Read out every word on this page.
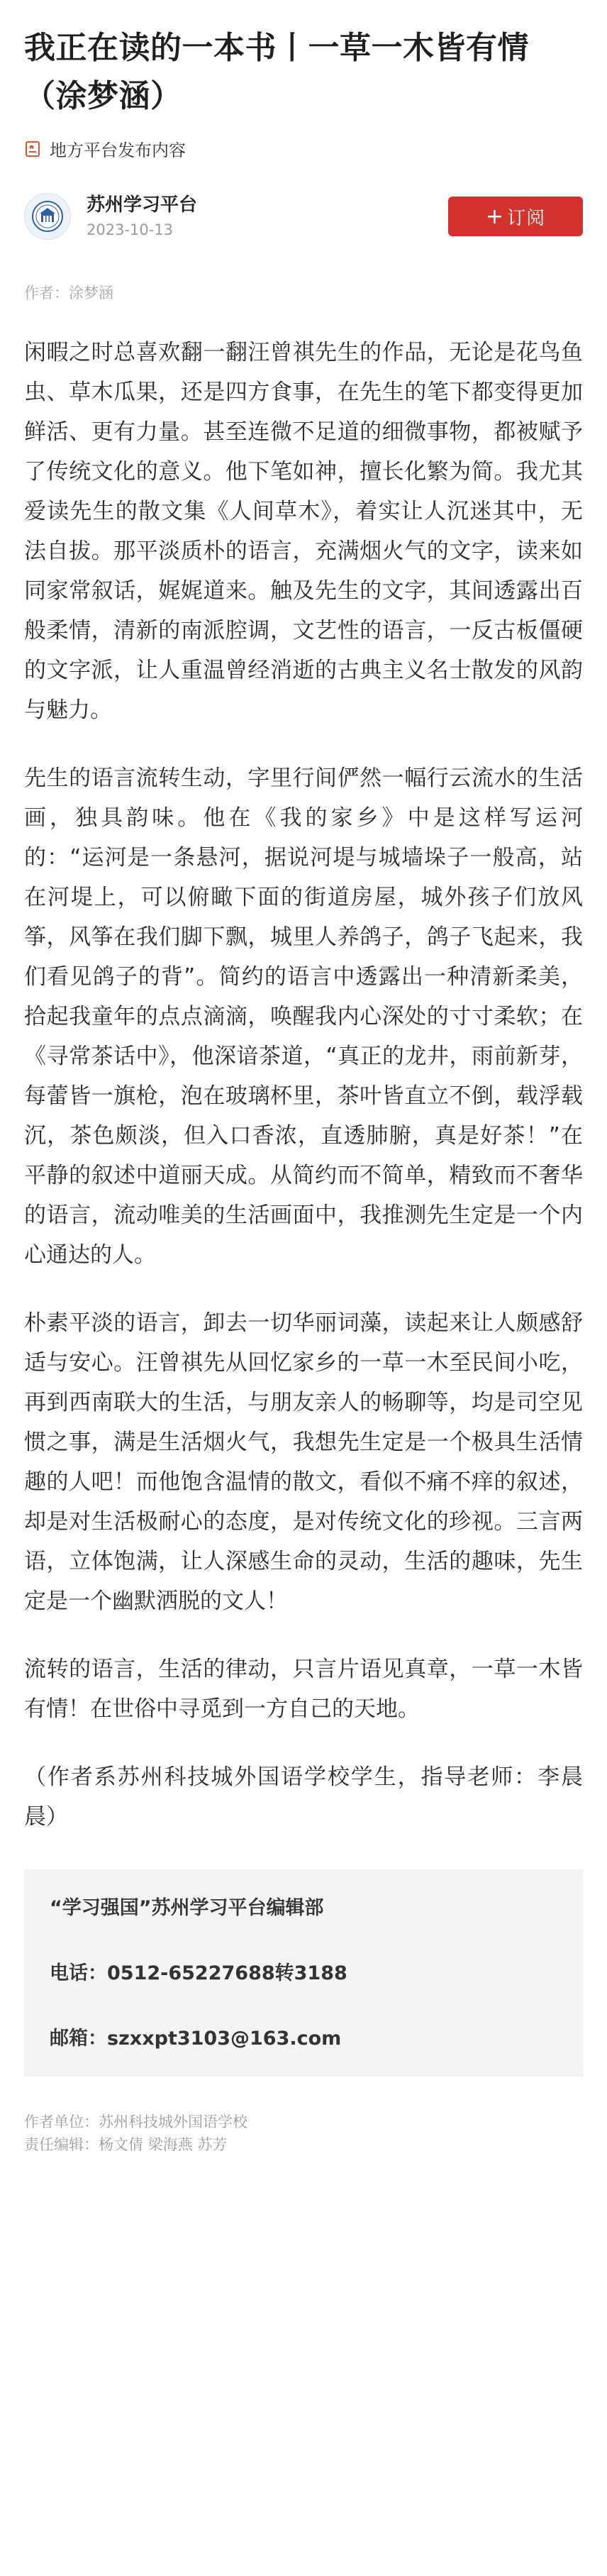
我正在读的一本书丨一草一木皆有情（涂梦涵）
地方平台发布内容
苏州学习平台
2023-10-13
+ 订阅
作者：涂梦涵

闲暇之时总喜欢翻一翻汪曾祺先生的作品，无论是花鸟鱼虫、草木瓜果，还是四方食事，在先生的笔下都变得更加鲜活、更有力量。甚至连微不足道的细微事物，都被赋予了传统文化的意义。他下笔如神，擅长化繁为简。我尤其爱读先生的散文集《人间草木》，着实让人沉迷其中，无法自拔。那平淡质朴的语言，充满烟火气的文字，读来如同家常叙话，娓娓道来。触及先生的文字，其间透露出百般柔情，清新的南派腔调，文艺性的语言，一反古板僵硬的文字派，让人重温曾经消逝的古典主义名士散发的风韵与魅力。

先生的语言流转生动，字里行间俨然一幅行云流水的生活画，独具韵味。他在《我的家乡》中是这样写运河的：“运河是一条悬河，据说河堤与城墙垛子一般高，站在河堤上，可以俯瞰下面的街道房屋，城外孩子们放风筝，风筝在我们脚下飘，城里人养鸽子，鸽子飞起来，我们看见鸽子的背”。简约的语言中透露出一种清新柔美，拾起我童年的点点滴滴，唤醒我内心深处的寸寸柔软；在《寻常茶话中》，他深谙茶道，“真正的龙井，雨前新芽，每蕾皆一旗枪，泡在玻璃杯里，茶叶皆直立不倒，载浮载沉，茶色颇淡，但入口香浓，直透肺腑，真是好茶！”在平静的叙述中道丽天成。从简约而不简单，精致而不奢华的语言，流动唯美的生活画面中，我推测先生定是一个内心通达的人。

朴素平淡的语言，卸去一切华丽词藻，读起来让人颇感舒适与安心。汪曾祺先从回忆家乡的一草一木至民间小吃，再到西南联大的生活，与朋友亲人的畅聊等，均是司空见惯之事，满是生活烟火气，我想先生定是一个极具生活情趣的人吧！而他饱含温情的散文，看似不痛不痒的叙述，却是对生活极耐心的态度，是对传统文化的珍视。三言两语，立体饱满，让人深感生命的灵动，生活的趣味，先生定是一个幽默洒脱的文人！

流转的语言，生活的律动，只言片语见真章，一草一木皆有情！在世俗中寻觅到一方自己的天地。

（作者系苏州科技城外国语学校学生，指导老师：李晨晨）

“学习强国”苏州学习平台编辑部
电话：0512-65227688转3188
邮箱：szxxpt3103@163.com
作者单位：苏州科技城外国语学校
责任编辑：杨文倩 梁海燕 苏芳
